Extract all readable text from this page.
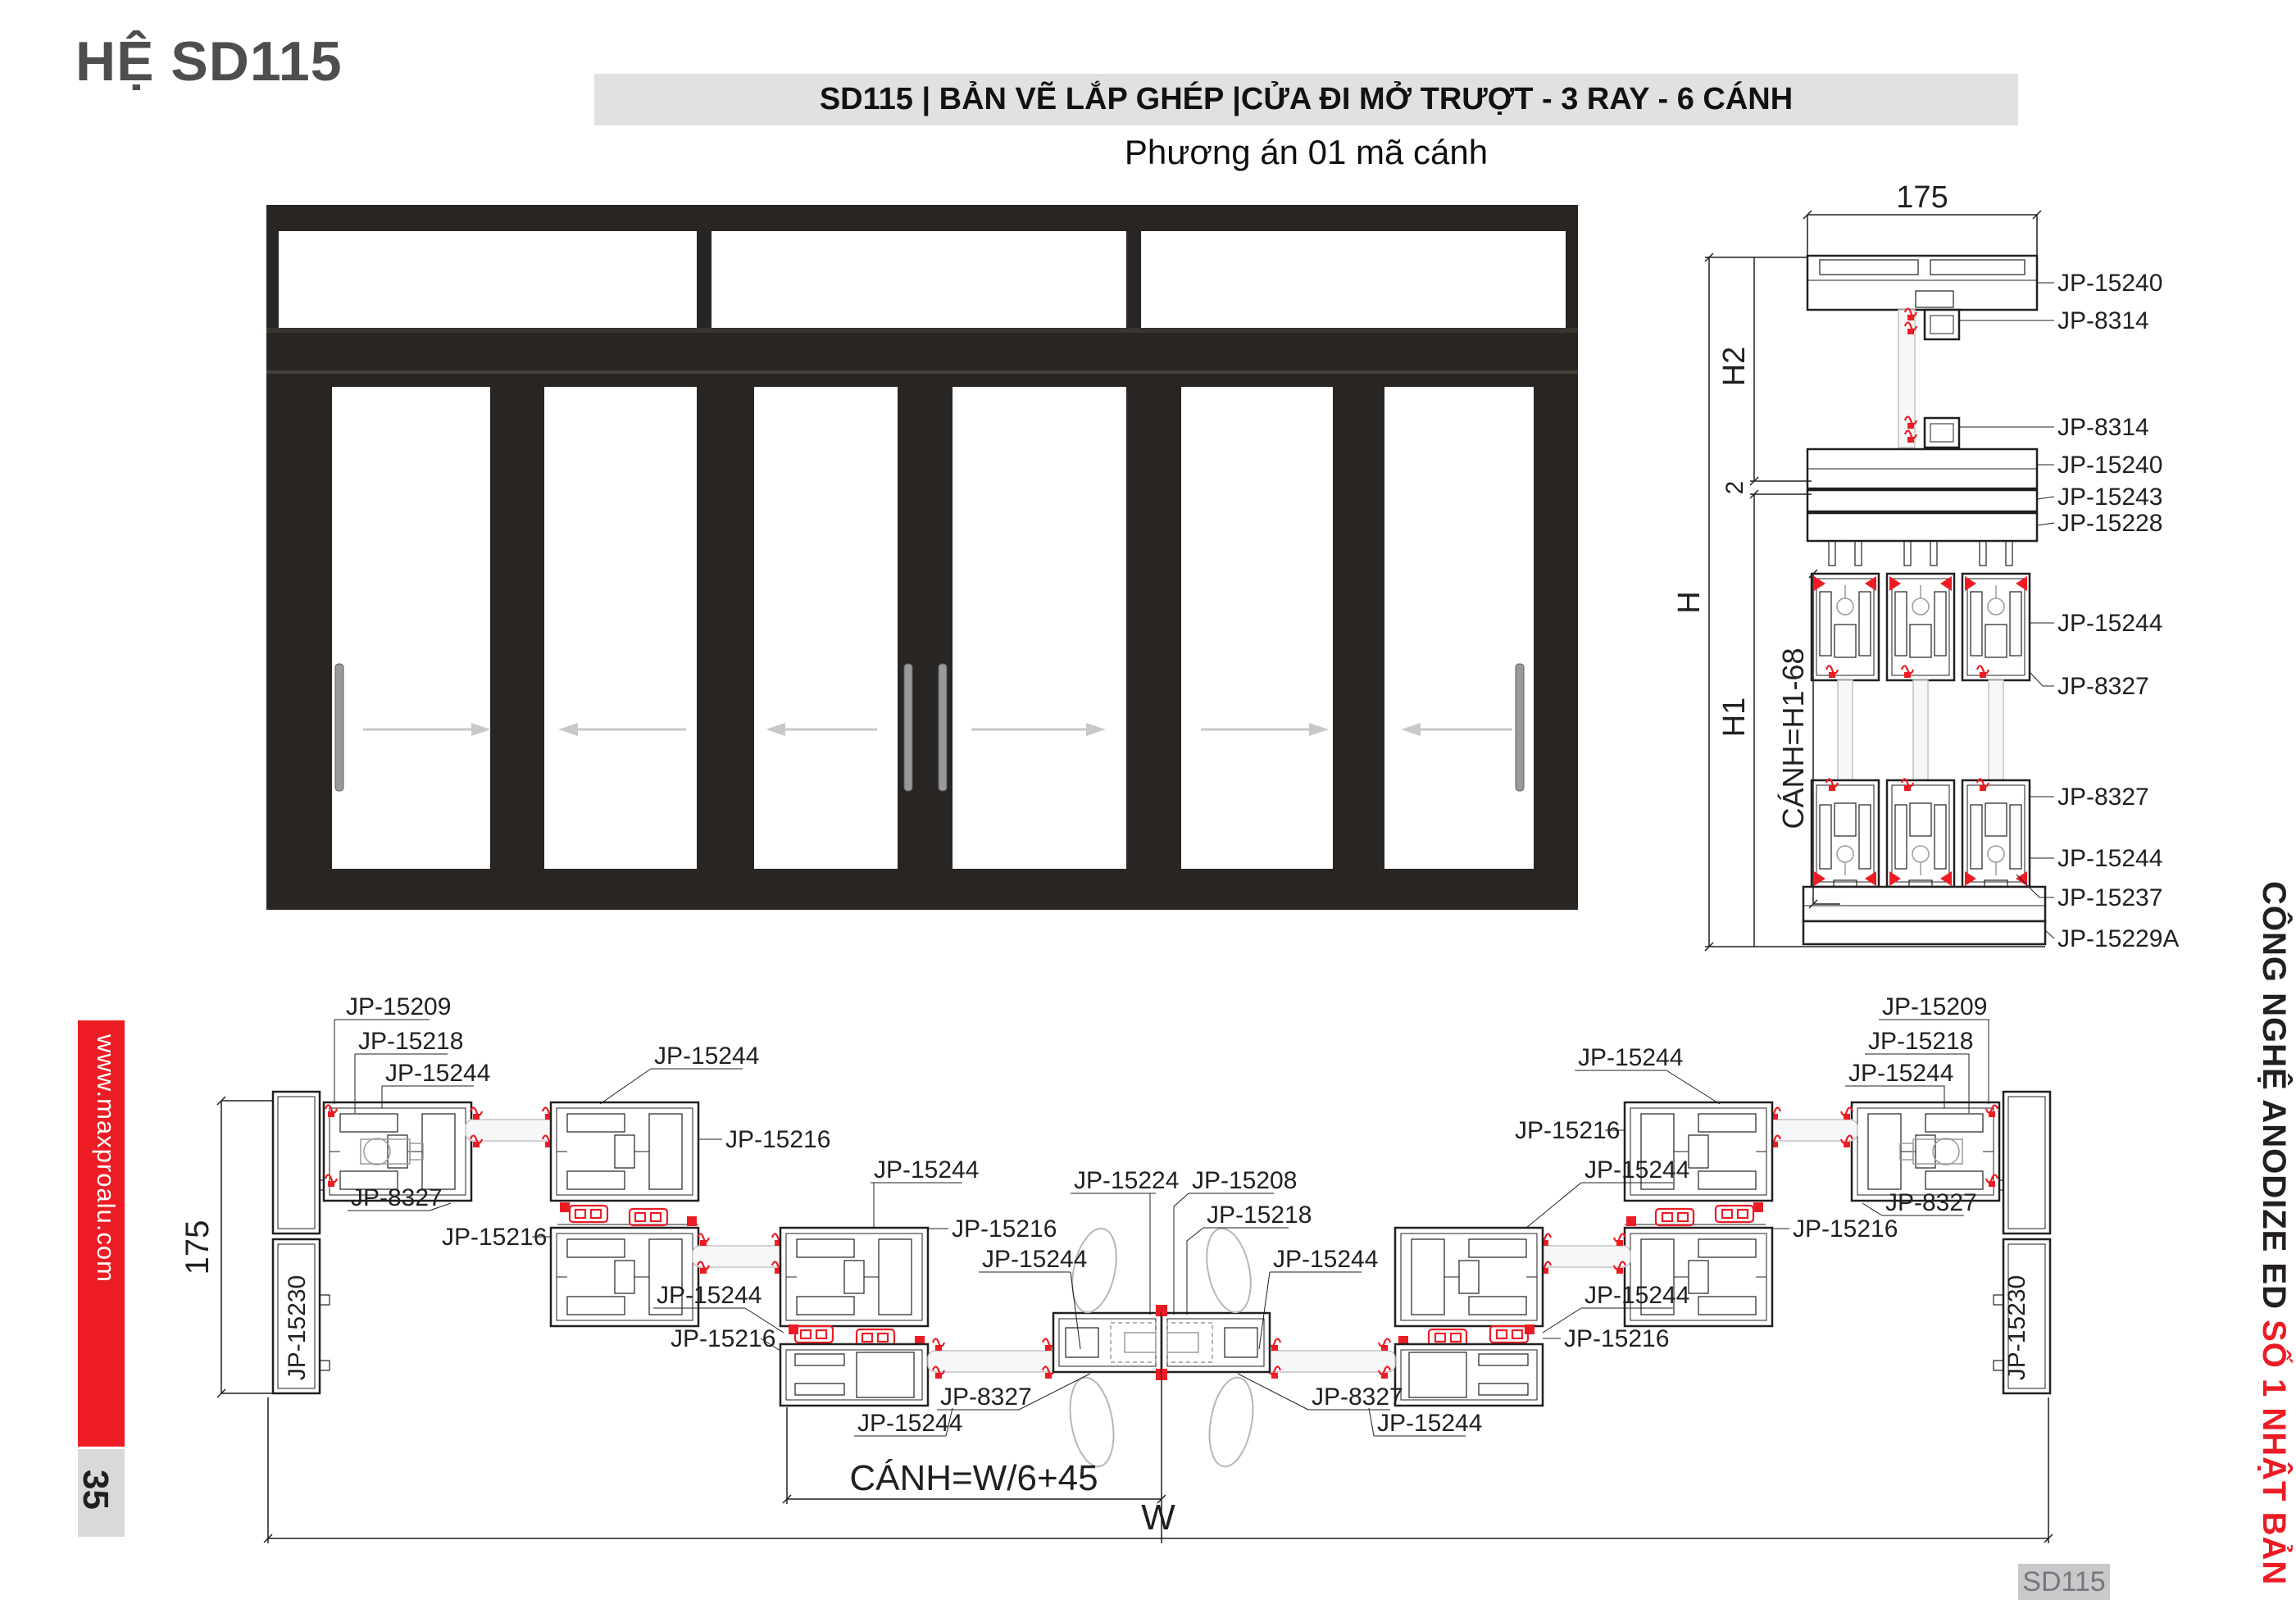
HỆ SD115
SD115 | BẢN VẼ LẮP GHÉP | CỬA ĐI MỞ TRƯỢT - 3 RAY - 6 CÁNH
Phương án 01 mã cánh
175
H
H2
2
H1 CÁNH=H1-68
JP-15240
JP-8314
JP-8314
JP-15240
JP-15243
JP-15228
JP-15244
JP-8327
JP-8327
JP-15244
JP-15237
JP-15229A
175
CÁNH=W/6+45
W
JP-15230	JP-15230
JP-15209
JP-15218
JP-15244
JP-15244
JP-8327
JP-15216
JP-15216
JP-15244
JP-15216
JP-15244
JP-15216
JP-8327
JP-15244
JP-15224 JP-15208
JP-15218
JP-15244	JP-15244
JP-8327
JP-15244
JP-15216
JP-15244
JP-15244
JP-15216
JP-15216
JP-15244
JP-15209
JP-15218
JP-15244
JP-8327
www.maxproalu.com
35
CÔNG NGHỆ ANODIZE ED SỐ 1 NHẬT BẢN
SD115
